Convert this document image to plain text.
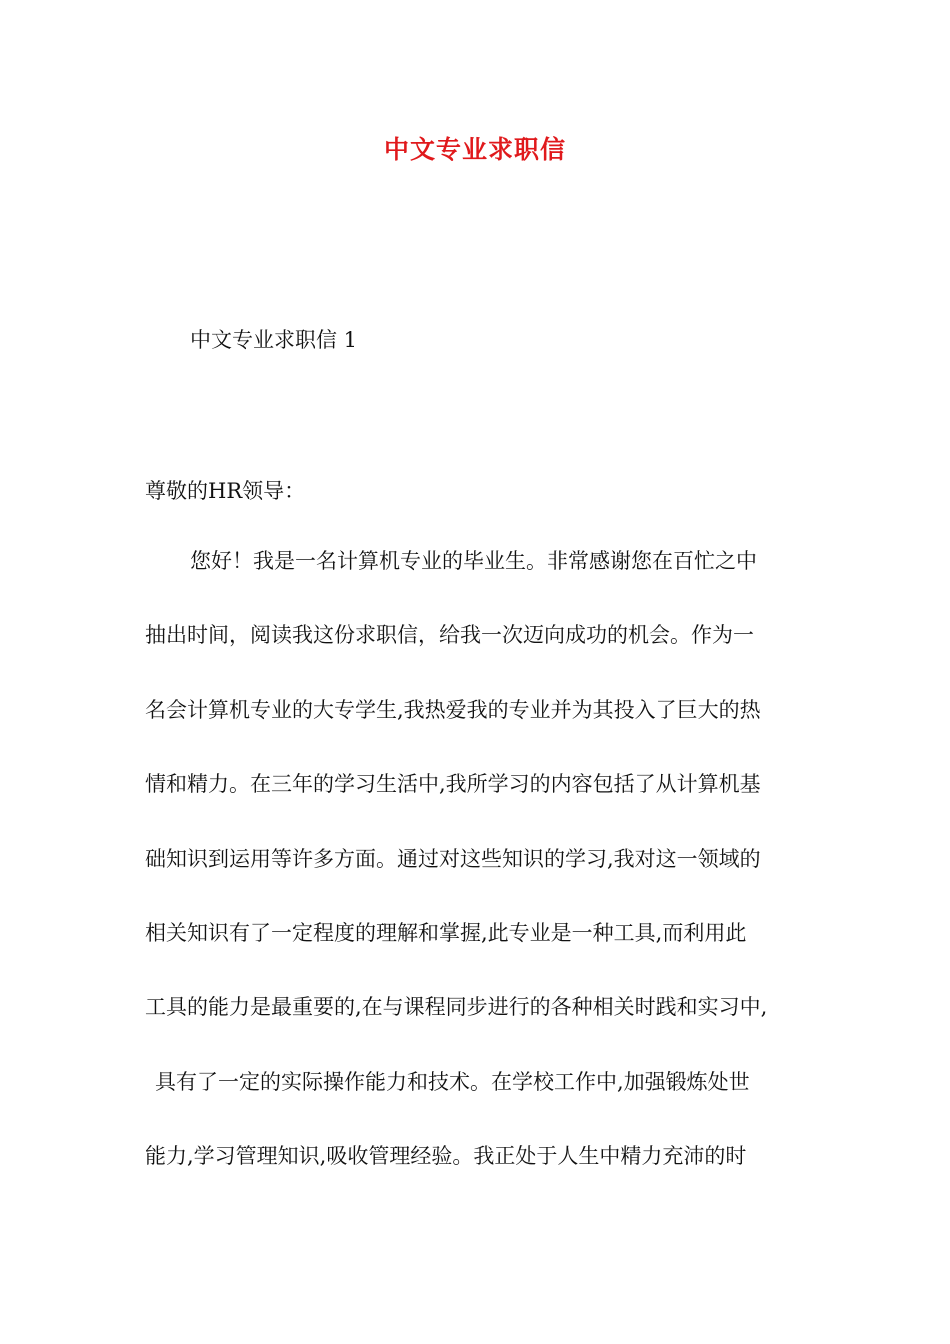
中文专业求职信
中文专业求职信 1
尊敬的HR领导：
您好！我是一名计算机专业的毕业生。非常感谢您在百忙之中
抽出时间，阅读我这份求职信，给我一次迈向成功的机会。作为一
名会计算机专业的大专学生,我热爱我的专业并为其投入了巨大的热
情和精力。在三年的学习生活中,我所学习的内容包括了从计算机基
础知识到运用等许多方面。通过对这些知识的学习,我对这一领域的
相关知识有了一定程度的理解和掌握,此专业是一种工具,而利用此
工具的能力是最重要的,在与课程同步进行的各种相关时践和实习中,
具有了一定的实际操作能力和技术。在学校工作中,加强锻炼处世
能力,学习管理知识,吸收管理经验。我正处于人生中精力充沛的时
